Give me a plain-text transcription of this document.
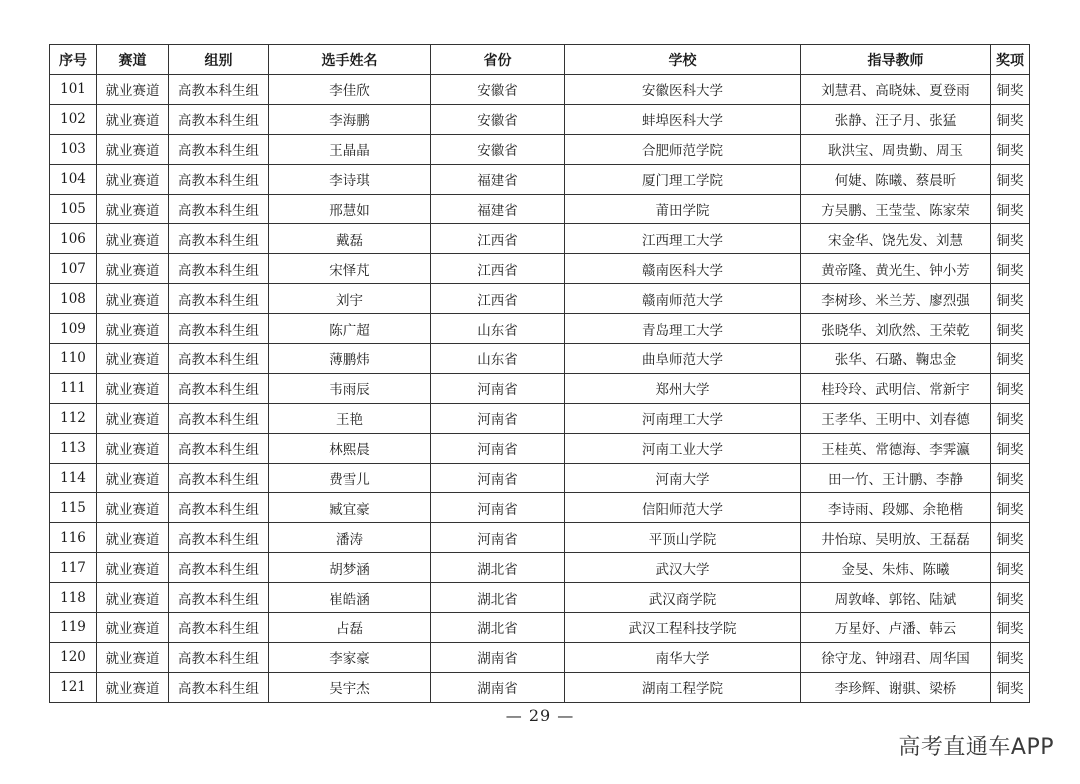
序号	赛道	组别	选手姓名	省份	学校	指导教师	奖项
101	就业赛道	高教本科生组	李佳欣	安徽省	安徽医科大学	刘慧君、高晓妹、夏登雨	铜奖
102	就业赛道	高教本科生组	李海鹏	安徽省	蚌埠医科大学	张静、汪子月、张猛	铜奖
103	就业赛道	高教本科生组	王晶晶	安徽省	合肥师范学院	耿洪宝、周贵勤、周玉	铜奖
104	就业赛道	高教本科生组	李诗琪	福建省	厦门理工学院	何婕、陈曦、蔡晨昕	铜奖
105	就业赛道	高教本科生组	邢慧如	福建省	莆田学院	方吴鹏、王莹莹、陈家荣	铜奖
106	就业赛道	高教本科生组	戴磊	江西省	江西理工大学	宋金华、饶先发、刘慧	铜奖
107	就业赛道	高教本科生组	宋怿芃	江西省	赣南医科大学	黄帝隆、黄光生、钟小芳	铜奖
108	就业赛道	高教本科生组	刘宇	江西省	赣南师范大学	李树珍、米兰芳、廖烈强	铜奖
109	就业赛道	高教本科生组	陈广超	山东省	青岛理工大学	张晓华、刘欣然、王荣乾	铜奖
110	就业赛道	高教本科生组	薄鹏炜	山东省	曲阜师范大学	张华、石璐、鞠忠金	铜奖
111	就业赛道	高教本科生组	韦雨辰	河南省	郑州大学	桂玲玲、武明信、常新宇	铜奖
112	就业赛道	高教本科生组	王艳	河南省	河南理工大学	王孝华、王明中、刘春德	铜奖
113	就业赛道	高教本科生组	林熙晨	河南省	河南工业大学	王桂英、常德海、李霁瀛	铜奖
114	就业赛道	高教本科生组	费雪儿	河南省	河南大学	田一竹、王计鹏、李静	铜奖
115	就业赛道	高教本科生组	臧宜豪	河南省	信阳师范大学	李诗雨、段娜、余艳楷	铜奖
116	就业赛道	高教本科生组	潘涛	河南省	平顶山学院	井怡琼、吴明放、王磊磊	铜奖
117	就业赛道	高教本科生组	胡梦涵	湖北省	武汉大学	金旻、朱炜、陈曦	铜奖
118	就业赛道	高教本科生组	崔皓涵	湖北省	武汉商学院	周敦峰、郭铭、陆斌	铜奖
119	就业赛道	高教本科生组	占磊	湖北省	武汉工程科技学院	万星妤、卢潘、韩云	铜奖
120	就业赛道	高教本科生组	李家豪	湖南省	南华大学	徐守龙、钟翊君、周华国	铜奖
121	就业赛道	高教本科生组	吴宇杰	湖南省	湖南工程学院	李珍辉、谢骐、梁桥	铜奖
— 29 —
高考直通车APP
